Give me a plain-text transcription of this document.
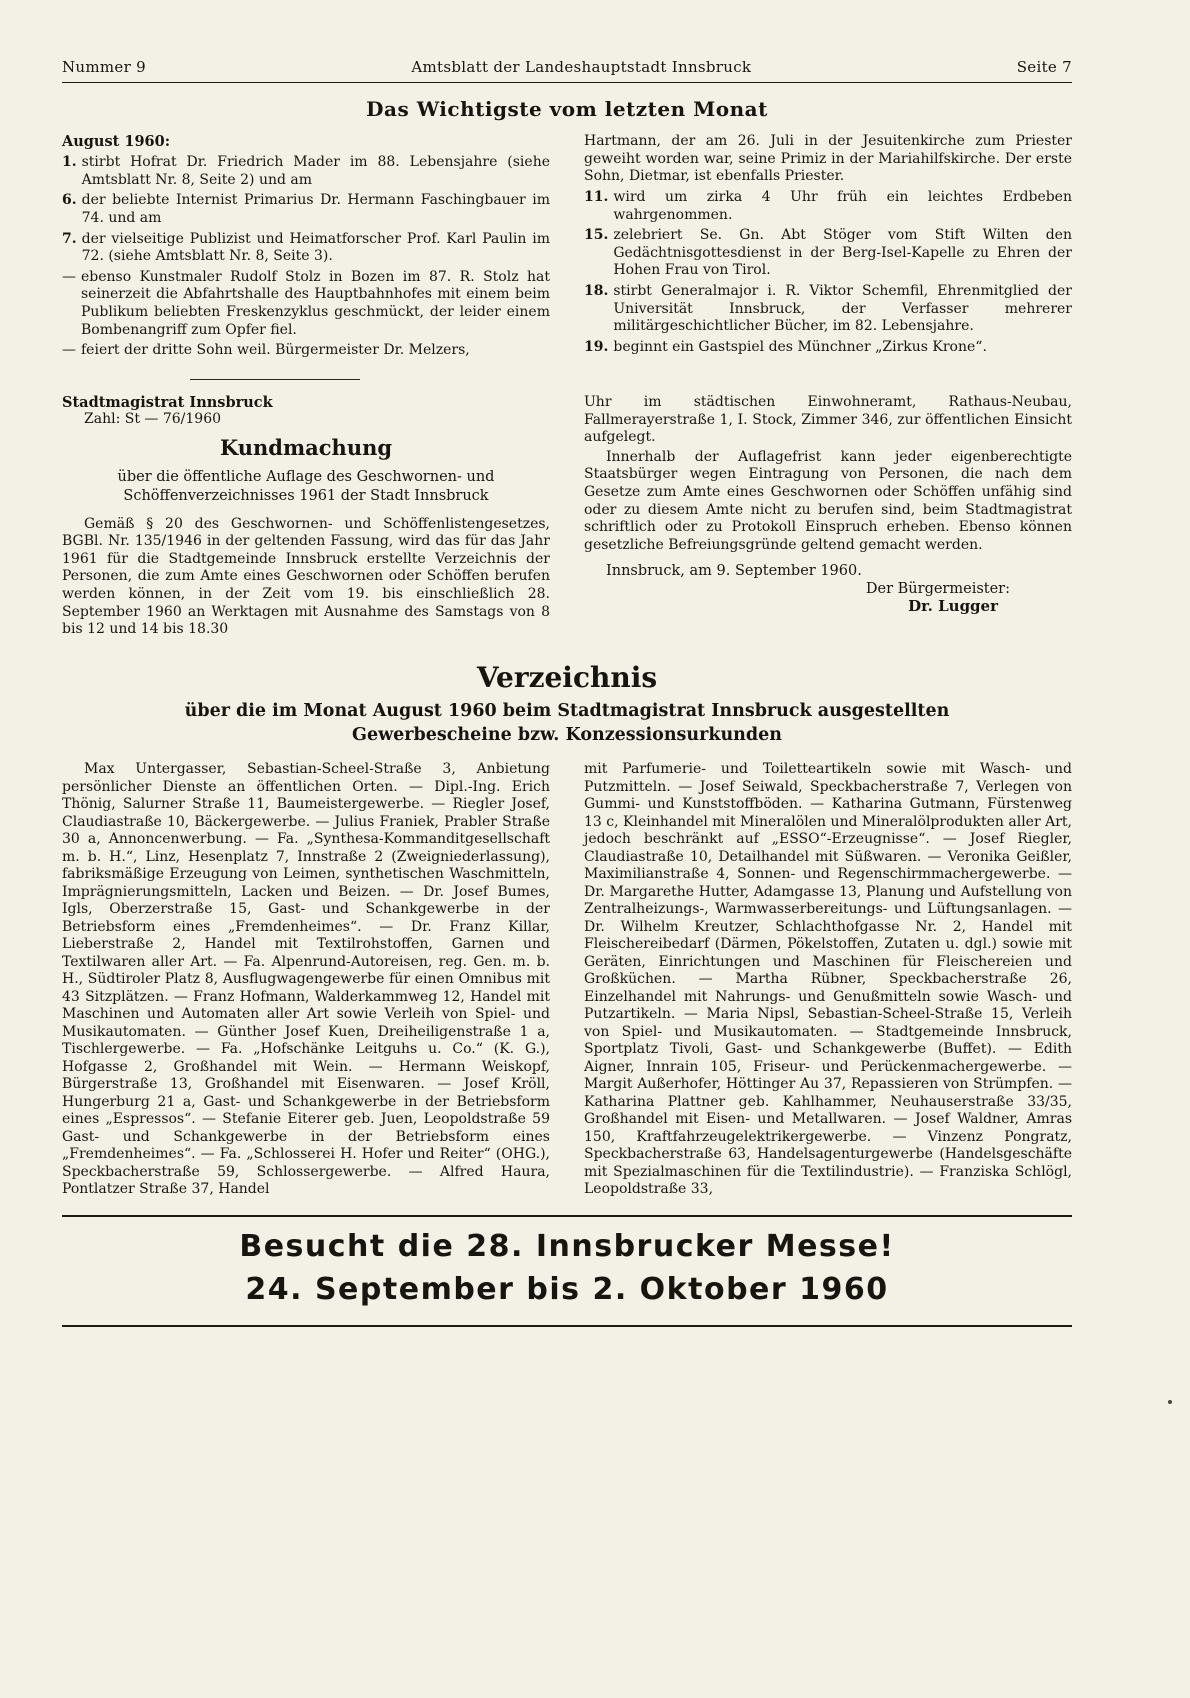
Nummer 9	Amtsblatt der Landeshauptstadt Innsbruck	Seite 7
Das Wichtigste vom letzten Monat
August 1960:
1. stirbt Hofrat Dr. Friedrich Mader im 88. Lebensjahre (siehe Amtsblatt Nr. 8, Seite 2) und am
6. der beliebte Internist Primarius Dr. Hermann Faschingbauer im 74. und am
7. der vielseitige Publizist und Heimatforscher Prof. Karl Paulin im 72. (siehe Amtsblatt Nr. 8, Seite 3).
— ebenso Kunstmaler Rudolf Stolz in Bozen im 87. R. Stolz hat seinerzeit die Abfahrtshalle des Hauptbahnhofes mit einem beim Publikum beliebten Freskenzyklus geschmückt, der leider einem Bombenangriff zum Opfer fiel.
— feiert der dritte Sohn weil. Bürgermeister Dr. Melzers,
Hartmann, der am 26. Juli in der Jesuitenkirche zum Priester geweiht worden war, seine Primiz in der Mariahilfskirche. Der erste Sohn, Dietmar, ist ebenfalls Priester.
11. wird um zirka 4 Uhr früh ein leichtes Erdbeben wahrgenommen.
15. zelebriert Se. Gn. Abt Stöger vom Stift Wilten den Gedächtnisgottesdienst in der Berg-Isel-Kapelle zu Ehren der Hohen Frau von Tirol.
18. stirbt Generalmajor i. R. Viktor Schemfil, Ehrenmitglied der Universität Innsbruck, der Verfasser mehrerer militärgeschichtlicher Bücher, im 82. Lebensjahre.
19. beginnt ein Gastspiel des Münchner „Zirkus Krone“.
Stadtmagistrat Innsbruck
Zahl: St — 76/1960
Kundmachung
über die öffentliche Auflage des Geschwornen- und Schöffenverzeichnisses 1961 der Stadt Innsbruck

Gemäß § 20 des Geschwornen- und Schöffenlistengesetzes, BGBl. Nr. 135/1946 in der geltenden Fassung, wird das für das Jahr 1961 für die Stadtgemeinde Innsbruck erstellte Verzeichnis der Personen, die zum Amte eines Geschwornen oder Schöffen berufen werden können, in der Zeit vom 19. bis einschließlich 28. September 1960 an Werktagen mit Ausnahme des Samstags von 8 bis 12 und 14 bis 18.30

Uhr im städtischen Einwohneramt, Rathaus-Neubau, Fallmerayerstraße 1, I. Stock, Zimmer 346, zur öffentlichen Einsicht aufgelegt.

Innerhalb der Auflagefrist kann jeder eigenberechtigte Staatsbürger wegen Eintragung von Personen, die nach dem Gesetze zum Amte eines Geschwornen oder Schöffen unfähig sind oder zu diesem Amte nicht zu berufen sind, beim Stadtmagistrat schriftlich oder zu Protokoll Einspruch erheben. Ebenso können gesetzliche Befreiungsgründe geltend gemacht werden.

Innsbruck, am 9. September 1960.
Der Bürgermeister:
Dr. Lugger
Verzeichnis
über die im Monat August 1960 beim Stadtmagistrat Innsbruck ausgestellten
Gewerbescheine bzw. Konzessionsurkunden

Max Untergasser, Sebastian-Scheel-Straße 3, Anbietung persönlicher Dienste an öffentlichen Orten. — Dipl.-Ing. Erich Thönig, Salurner Straße 11, Baumeistergewerbe. — Riegler Josef, Claudiastraße 10, Bäckergewerbe. — Julius Franiek, Prabler Straße 30 a, Annoncenwerbung. — Fa. „Synthesa-Kommanditgesellschaft m. b. H.“, Linz, Hesenplatz 7, Innstraße 2 (Zweigniederlassung), fabriksmäßige Erzeugung von Leimen, synthetischen Waschmitteln, Imprägnierungsmitteln, Lacken und Beizen. — Dr. Josef Bumes, Igls, Oberzerstraße 15, Gast- und Schankgewerbe in der Betriebsform eines „Fremdenheimes“. — Dr. Franz Killar, Lieberstraße 2, Handel mit Textilrohstoffen, Garnen und Textilwaren aller Art. — Fa. Alpenrund-Autoreisen, reg. Gen. m. b. H., Südtiroler Platz 8, Ausflugwagengewerbe für einen Omnibus mit 43 Sitzplätzen. — Franz Hofmann, Walderkammweg 12, Handel mit Maschinen und Automaten aller Art sowie Verleih von Spiel- und Musikautomaten. — Günther Josef Kuen, Dreiheiligenstraße 1 a, Tischlergewerbe. — Fa. „Hofschänke Leitguhs u. Co.“ (K. G.), Hofgasse 2, Großhandel mit Wein. — Hermann Weiskopf, Bürgerstraße 13, Großhandel mit Eisenwaren. — Josef Kröll, Hungerburg 21 a, Gast- und Schankgewerbe in der Betriebsform eines „Espressos“. — Stefanie Eiterer geb. Juen, Leopoldstraße 59 Gast- und Schankgewerbe in der Betriebsform eines „Fremdenheimes“. — Fa. „Schlosserei H. Hofer und Reiter“ (OHG.), Speckbacherstraße 59, Schlossergewerbe. — Alfred Haura, Pontlatzer Straße 37, Handel

mit Parfumerie- und Toiletteartikeln sowie mit Wasch- und Putzmitteln. — Josef Seiwald, Speckbacherstraße 7, Verlegen von Gummi- und Kunststoffböden. — Katharina Gutmann, Fürstenweg 13 c, Kleinhandel mit Mineralölen und Mineralölprodukten aller Art, jedoch beschränkt auf „ESSO“-Erzeugnisse“. — Josef Riegler, Claudiastraße 10, Detailhandel mit Süßwaren. — Veronika Geißler, Maximilianstraße 4, Sonnen- und Regenschirmmachergewerbe. — Dr. Margarethe Hutter, Adamgasse 13, Planung und Aufstellung von Zentralheizungs-, Warmwasserbereitungs- und Lüftungsanlagen. — Dr. Wilhelm Kreutzer, Schlachthofgasse Nr. 2, Handel mit Fleischereibedarf (Därmen, Pökelstoffen, Zutaten u. dgl.) sowie mit Geräten, Einrichtungen und Maschinen für Fleischereien und Großküchen. — Martha Rübner, Speckbacherstraße 26, Einzelhandel mit Nahrungs- und Genußmitteln sowie Wasch- und Putzartikeln. — Maria Nipsl, Sebastian-Scheel-Straße 15, Verleih von Spiel- und Musikautomaten. — Stadtgemeinde Innsbruck, Sportplatz Tivoli, Gast- und Schankgewerbe (Buffet). — Edith Aigner, Innrain 105, Friseur- und Perückenmachergewerbe. — Margit Außerhofer, Höttinger Au 37, Repassieren von Strümpfen. — Katharina Plattner geb. Kahlhammer, Neuhauserstraße 33/35, Großhandel mit Eisen- und Metallwaren. — Josef Waldner, Amras 150, Kraftfahrzeugelektrikergewerbe. — Vinzenz Pongratz, Speckbacherstraße 63, Handelsagenturgewerbe (Handelsgeschäfte mit Spezialmaschinen für die Textilindustrie). — Franziska Schlögl, Leopoldstraße 33,

Besucht die 28. Innsbrucker Messe!
24. September bis 2. Oktober 1960
